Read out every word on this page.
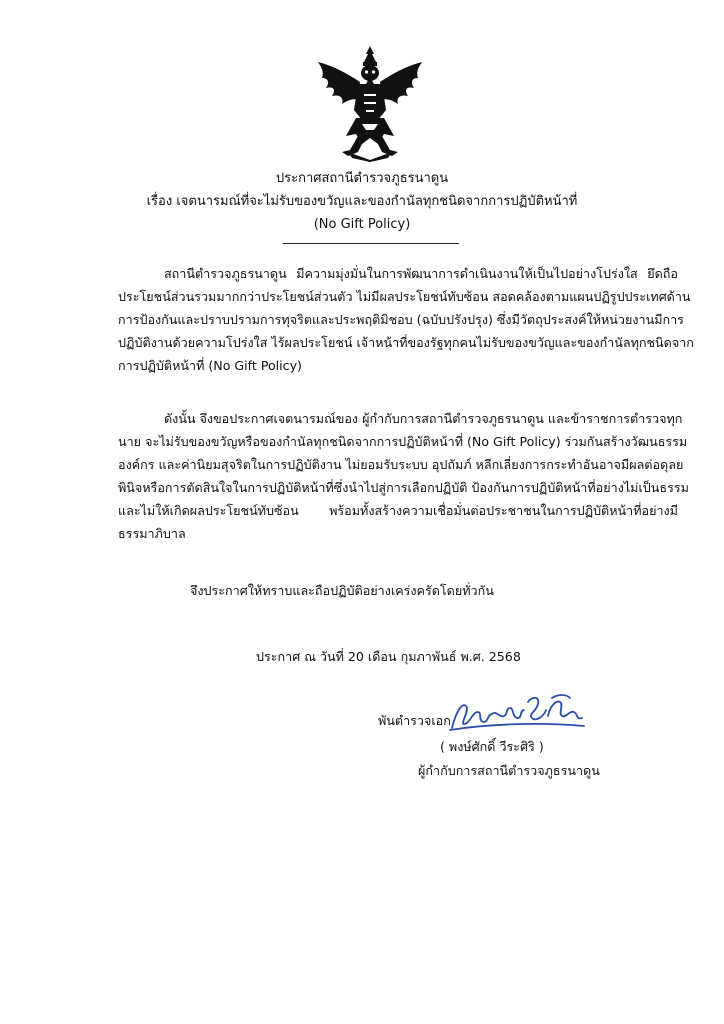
ประกาศสถานีตำรวจภูธรนาดูน
เรื่อง เจตนารมณ์ที่จะไม่รับของขวัญและของกำนัลทุกชนิดจากการปฏิบัติหน้าที่
(No Gift Policy)
สถานีตำรวจภูธรนาดูน มีความมุ่งมั่นในการพัฒนาการดำเนินงานให้เป็นไปอย่างโปร่งใส ยึดถือ
ประโยชน์ส่วนรวมมากกว่าประโยชน์ส่วนตัว ไม่มีผลประโยชน์ทับซ้อน สอดคล้องตามแผนปฏิรูปประเทศด้าน
การป้องกันและปราบปรามการทุจริตและประพฤติมิชอบ (ฉบับปรังปรุง) ซึ่งมีวัตถุประสงค์ให้หน่วยงานมีการ
ปฏิบัติงานด้วยความโปร่งใส ไร้ผลประโยชน์ เจ้าหน้าที่ของรัฐทุกคนไม่รับของขวัญและของกำนัลทุกชนิดจาก
การปฏิบัติหน้าที่ (No Gift Policy)
ดังนั้น จึงขอประกาศเจตนารมณ์ของ ผู้กำกับการสถานีตำรวจภูธรนาดูน และข้าราชการตำรวจทุก
นาย จะไม่รับของขวัญหรือของกำนัลทุกชนิดจากการปฏิบัติหน้าที่ (No Gift Policy) ร่วมกันสร้างวัฒนธรรม
องค์กร และค่านิยมสุจริตในการปฏิบัติงาน ไม่ยอมรับระบบ อุปถัมภ์ หลีกเลี่ยงการกระทำอันอาจมีผลต่อดุลย
พินิจหรือการตัดสินใจในการปฏิบัติหน้าที่ซึ่งนำไปสู่การเลือกปฏิบัติ ป้องกันการปฏิบัติหน้าที่อย่างไม่เป็นธรรม
และไม่ให้เกิดผลประโยชน์ทับซ้อน พร้อมทั้งสร้างความเชื่อมั่นต่อประชาชนในการปฏิบัติหน้าที่อย่างมี
ธรรมาภิบาล
จึงประกาศให้ทราบและถือปฏิบัติอย่างเคร่งครัดโดยทั่วกัน
ประกาศ ณ วันที่ 20 เดือน กุมภาพันธ์ พ.ศ. 2568
พันตำรวจเอก
( พงษ์ศักดิ์ วีระศิริ )
ผู้กำกับการสถานีตำรวจภูธรนาดูน
